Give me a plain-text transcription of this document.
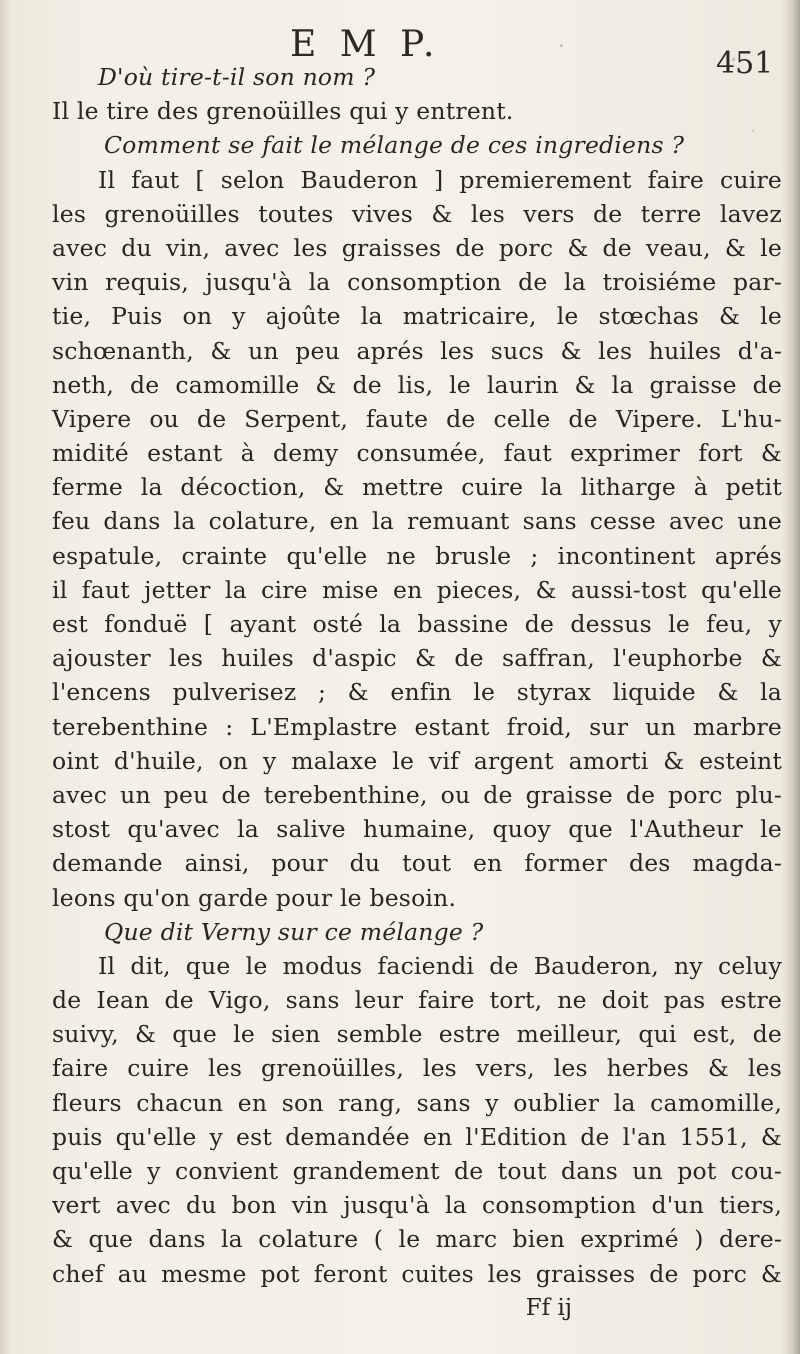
E M P.	451

D'où tire-t-il son nom ?

Il le tire des grenoüilles qui y entrent.

Comment se fait le mélange de ces ingrediens ?

Il faut [ selon Bauderon ] premierement faire cuire

les grenoüilles toutes vives & les vers de terre lavez

avec du vin, avec les graisses de porc & de veau, & le

vin requis, jusqu'à la consomption de la troisiéme par-

tie, Puis on y ajoûte la matricaire, le stœchas & le

schœnanth, & un peu aprés les sucs & les huiles d'a-

neth, de camomille & de lis, le laurin & la graisse de

Vipere ou de Serpent, faute de celle de Vipere. L'hu-

midité estant à demy consumée, faut exprimer fort &

ferme la décoction, & mettre cuire la litharge à petit

feu dans la colature, en la remuant sans cesse avec une

espatule, crainte qu'elle ne brusle ; incontinent aprés

il faut jetter la cire mise en pieces, & aussi-tost qu'elle

est fonduë [ ayant osté la bassine de dessus le feu, y

ajouster les huiles d'aspic & de saffran, l'euphorbe &

l'encens pulverisez ; & enfin le styrax liquide & la

terebenthine : L'Emplastre estant froid, sur un marbre

oint d'huile, on y malaxe le vif argent amorti & esteint

avec un peu de terebenthine, ou de graisse de porc plu-

stost qu'avec la salive humaine, quoy que l'Autheur le

demande ainsi, pour du tout en former des magda-

leons qu'on garde pour le besoin.

Que dit Verny sur ce mélange ?

Il dit, que le modus faciendi de Bauderon, ny celuy

de Iean de Vigo, sans leur faire tort, ne doit pas estre

suivy, & que le sien semble estre meilleur, qui est, de

faire cuire les grenoüilles, les vers, les herbes & les

fleurs chacun en son rang, sans y oublier la camomille,

puis qu'elle y est demandée en l'Edition de l'an 1551, &

qu'elle y convient grandement de tout dans un pot cou-

vert avec du bon vin jusqu'à la consomption d'un tiers,

& que dans la colature ( le marc bien exprimé ) dere-

chef au mesme pot feront cuites les graisses de porc &

Ff ij
